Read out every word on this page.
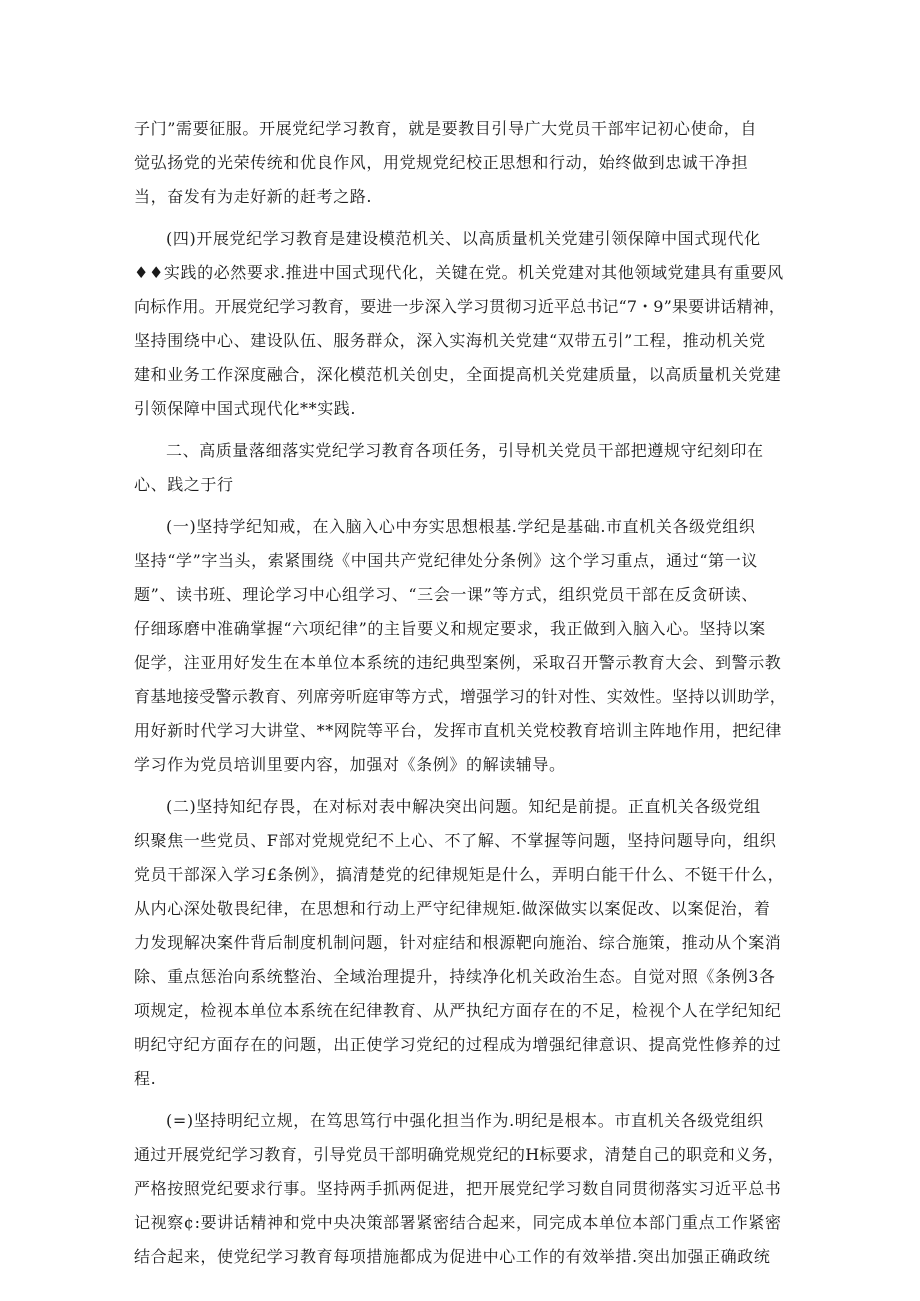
子门”需要征服。开展党纪学习教育，就是要教目引导广大党员干部牢记初心使命，自
觉弘扬党的光荣传统和优良作风，用党规党纪校正思想和行动，始终做到忠诚干净担
当，奋发有为走好新的赶考之路.
(四)开展党纪学习教育是建设模范机关、以高质量机关党建引领保障中国式现代化
♦♦实践的必然要求.推进中国式现代化，关键在党。机关党建对其他领域党建具有重要风
向标作用。开展党纪学习教育，要进一步深入学习贯彻习近平总书记“7・9”果要讲话精神，
坚持围绕中心、建设队伍、服务群众，深入实海机关党建“双带五引”工程，推动机关党
建和业务工作深度融合，深化模范机关创史，全面提高机关党建质量，以高质量机关党建
引领保障中国式现代化**实践.
二、高质量落细落实党纪学习教育各项任务，引导机关党员干部把遵规守纪刻印在
心、践之于行
(一)坚持学纪知戒，在入脑入心中夯实思想根基.学纪是基础.市直机关各级党组织
坚持“学”字当头，索紧围绕《中国共产党纪律处分条例》这个学习重点，通过“第一议
题”、读书班、理论学习中心组学习、“三会一课”等方式，组织党员干部在反贪研读、
仔细琢磨中准确掌握“六项纪律”的主旨要义和规定要求，我正做到入脑入心。坚持以案
促学，注亚用好发生在本单位本系统的违纪典型案例，采取召开警示教育大会、到警示教
育基地接受警示教育、列席旁听庭审等方式，增强学习的针对性、实效性。坚持以训助学，
用好新时代学习大讲堂、**网院等平台，发挥市直机关党校教育培训主阵地作用，把纪律
学习作为党员培训里要内容，加强对《条例》的解读辅导。
(二)坚持知纪存畏，在对标对表中解决突出问题。知纪是前提。正直机关各级党组
织聚焦一些党员、F部对党规党纪不上心、不了解、不掌握等问题，坚持问题导向，组织
党员干部深入学习£条例》，搞清楚党的纪律规矩是什么，弄明白能干什么、不铤干什么，
从内心深处敬畏纪律，在思想和行动上严守纪律规矩.做深做实以案促改、以案促治，着
力发现解决案件背后制度机制问题，针对症结和根源靶向施治、综合施策，推动从个案消
除、重点惩治向系统整治、全域治理提升，持续净化机关政治生态。自觉对照《条例3各
项规定，检视本单位本系统在纪律教育、从严执纪方面存在的不足，检视个人在学纪知纪
明纪守纪方面存在的问题，出正使学习党纪的过程成为增强纪律意识、提高党性修养的过
程.
(=)坚持明纪立规，在笃思笃行中强化担当作为.明纪是根本。市直机关各级党组织
通过开展党纪学习教育，引导党员干部明确党规党纪的H标要求，清楚自己的职竞和义务，
严格按照党纪要求行事。坚持两手抓两促进，把开展党纪学习数自同贯彻落实习近平总书
记视察¢:要讲话精神和党中央决策部署紧密结合起来，同完成本单位本部门重点工作紧密
结合起来，使党纪学习教育每项措施都成为促进中心工作的有效举措.突出加强正确政统
